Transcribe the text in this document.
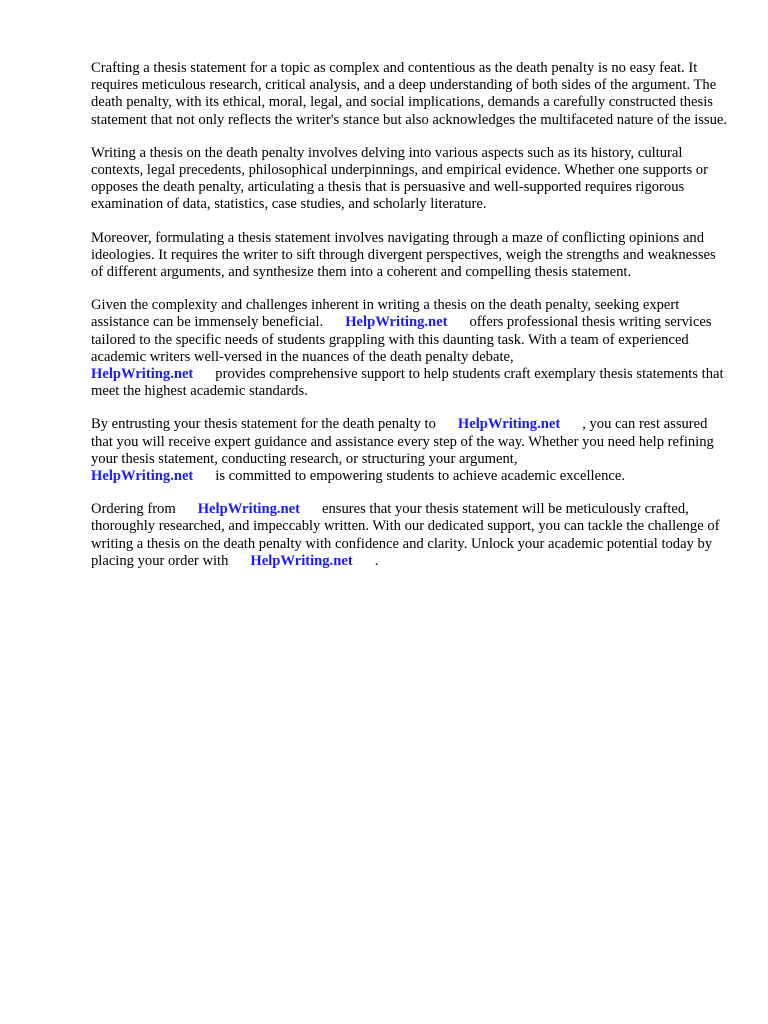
Crafting a thesis statement for a topic as complex and contentious as the death penalty is no easy feat. It requires meticulous research, critical analysis, and a deep understanding of both sides of the argument. The death penalty, with its ethical, moral, legal, and social implications, demands a carefully constructed thesis statement that not only reflects the writer's stance but also acknowledges the multifaceted nature of the issue.

Writing a thesis on the death penalty involves delving into various aspects such as its history, cultural contexts, legal precedents, philosophical underpinnings, and empirical evidence. Whether one supports or opposes the death penalty, articulating a thesis that is persuasive and well-supported requires rigorous examination of data, statistics, case studies, and scholarly literature.

Moreover, formulating a thesis statement involves navigating through a maze of conflicting opinions and ideologies. It requires the writer to sift through divergent perspectives, weigh the strengths and weaknesses of different arguments, and synthesize them into a coherent and compelling thesis statement.

Given the complexity and challenges inherent in writing a thesis on the death penalty, seeking expert assistance can be immensely beneficial. HelpWriting.net offers professional thesis writing services tailored to the specific needs of students grappling with this daunting task. With a team of experienced academic writers well-versed in the nuances of the death penalty debate,
HelpWriting.net provides comprehensive support to help students craft exemplary thesis statements that meet the highest academic standards.

By entrusting your thesis statement for the death penalty to HelpWriting.net , you can rest assured that you will receive expert guidance and assistance every step of the way. Whether you need help refining your thesis statement, conducting research, or structuring your argument,
HelpWriting.net is committed to empowering students to achieve academic excellence.

Ordering from HelpWriting.net ensures that your thesis statement will be meticulously crafted, thoroughly researched, and impeccably written. With our dedicated support, you can tackle the challenge of writing a thesis on the death penalty with confidence and clarity. Unlock your academic potential today by placing your order with HelpWriting.net .
